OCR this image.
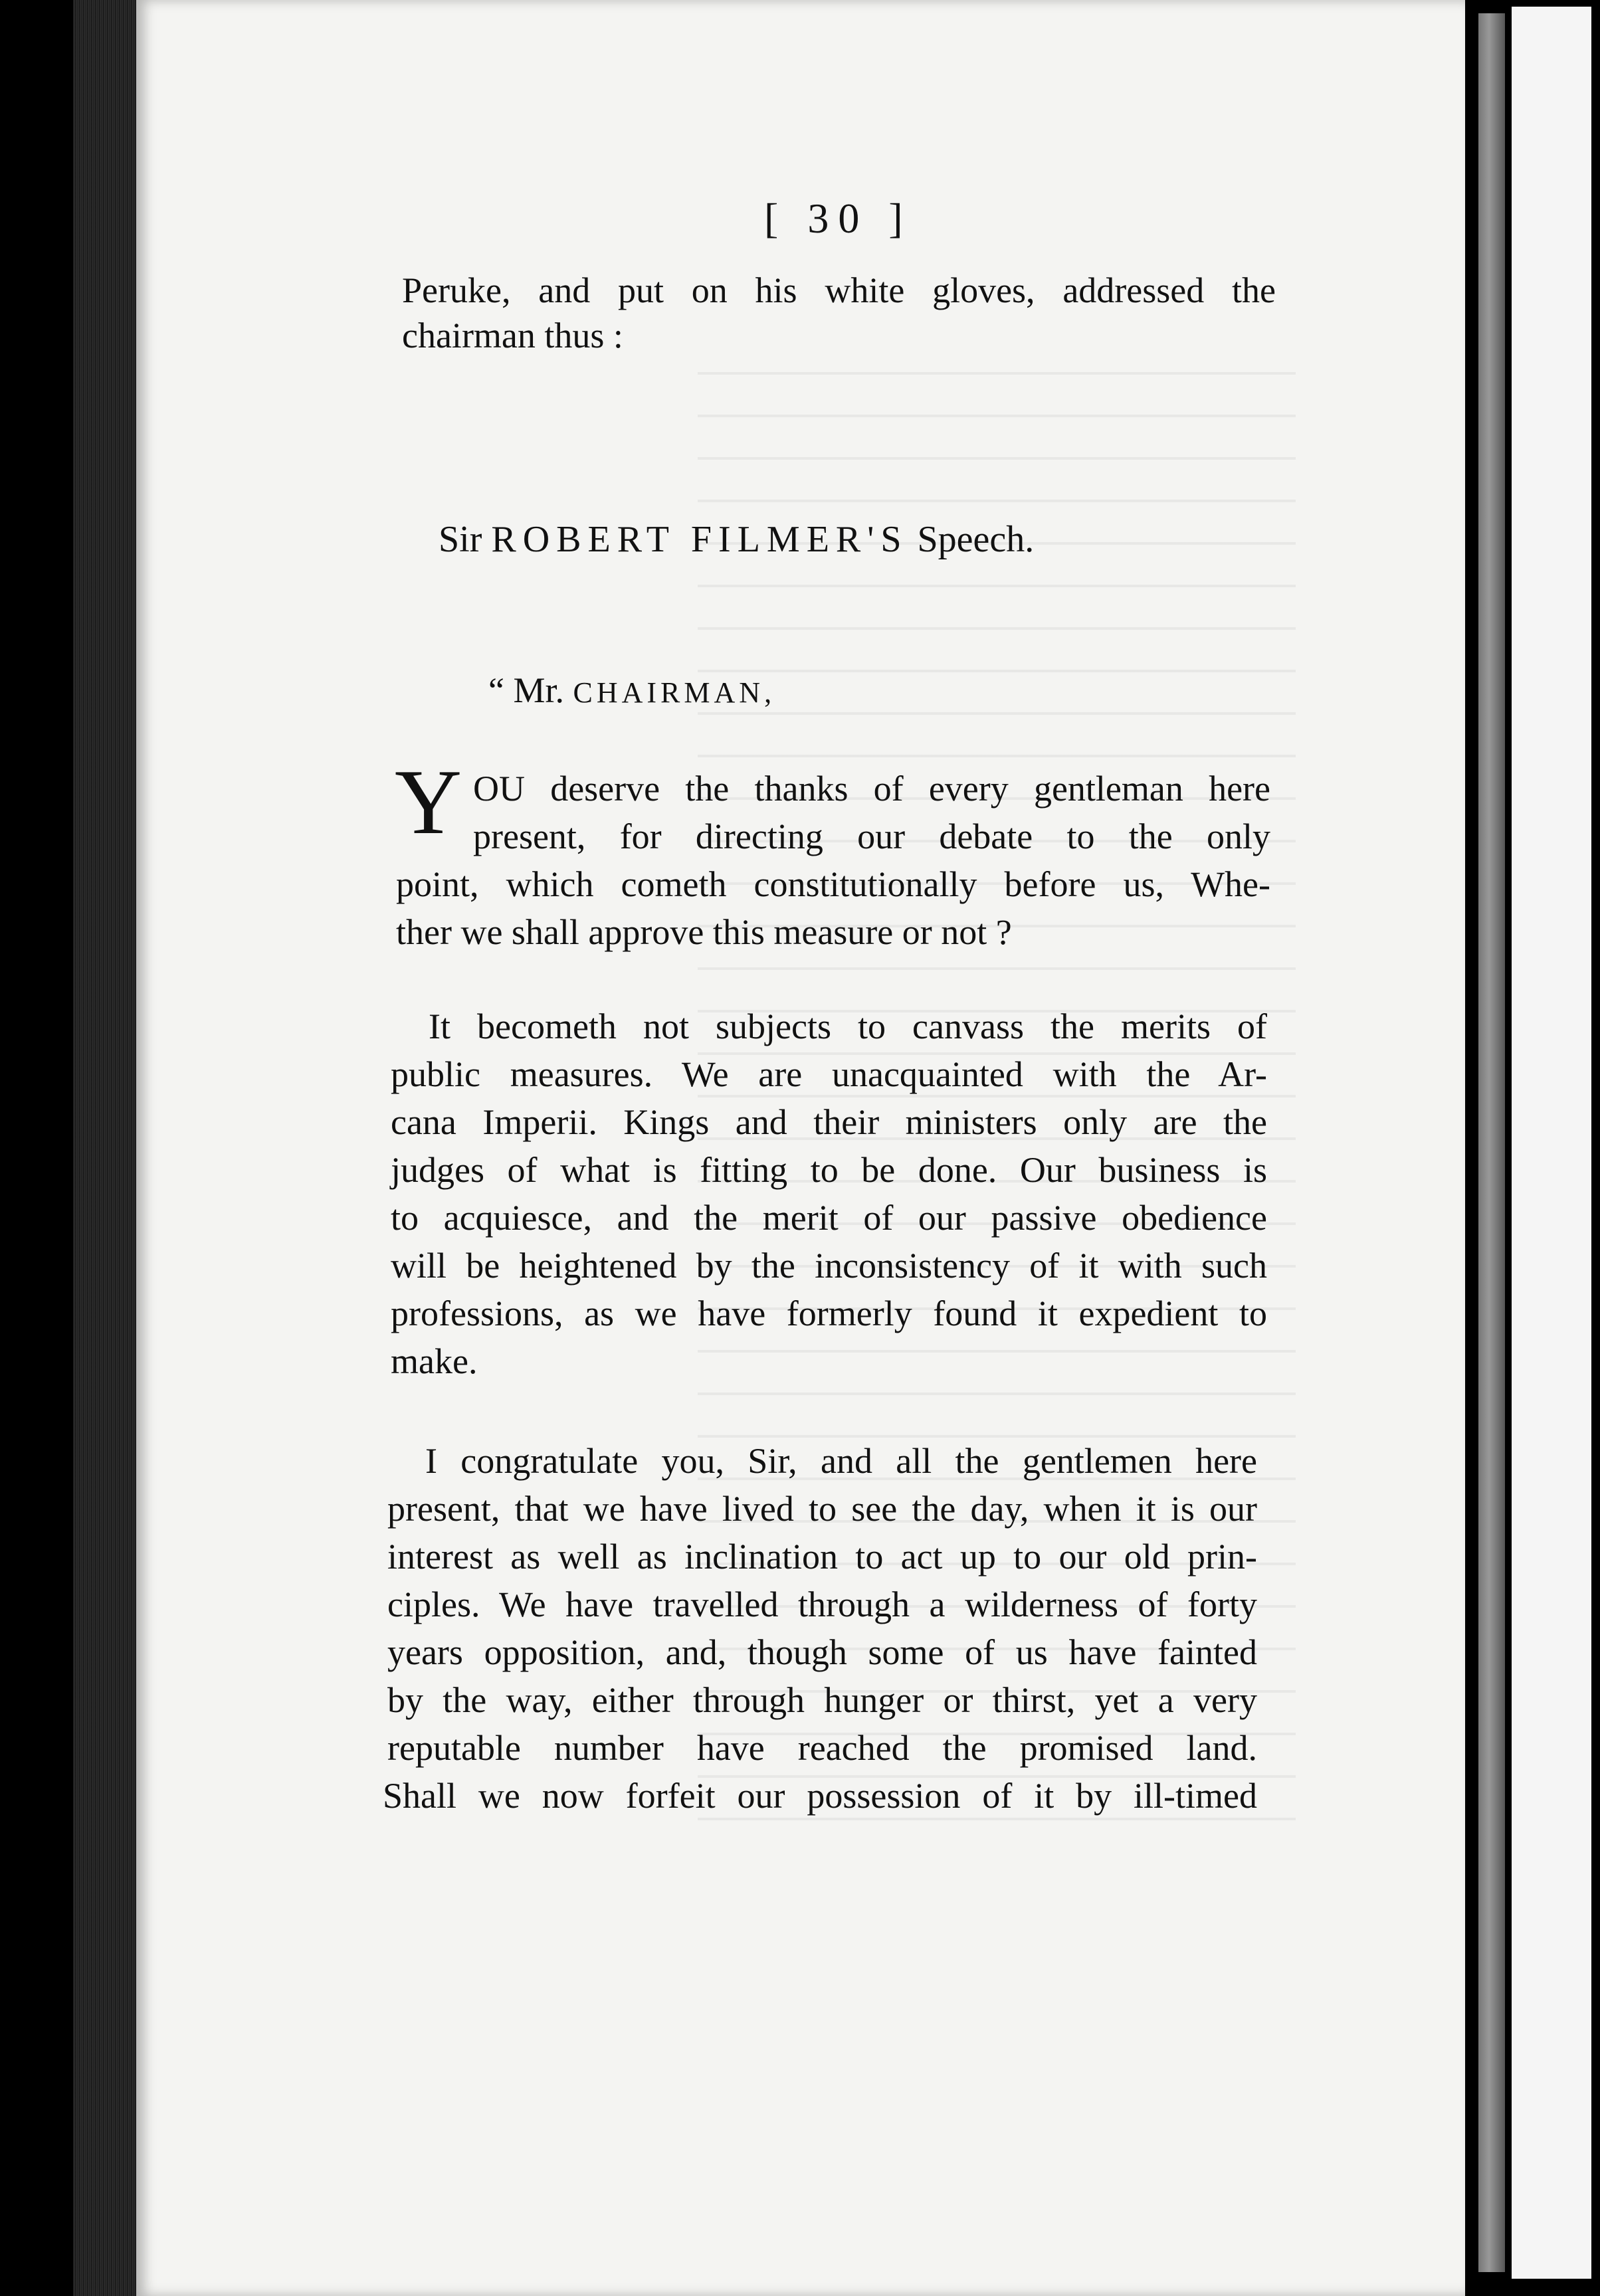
[ 30 ]
Peruke, and put on his white gloves, addressed the
chairman thus :
Sir ROBERT FILMER'S Speech.
“ Mr. CHAIRMAN,
Y OU deserve the thanks of every gentleman here
present, for directing our debate to the only
point, which cometh constitutionally before us, Whe-
ther we shall approve this measure or not ?
It becometh not subjects to canvass the merits of
public measures. We are unacquainted with the Ar-
cana Imperii. Kings and their ministers only are the
judges of what is fitting to be done. Our business is
to acquiesce, and the merit of our passive obedience
will be heightened by the inconsistency of it with such
professions, as we have formerly found it expedient to
make.
I congratulate you, Sir, and all the gentlemen here
present, that we have lived to see the day, when it is our
interest as well as inclination to act up to our old prin-
ciples. We have travelled through a wilderness of forty
years opposition, and, though some of us have fainted
by the way, either through hunger or thirst, yet a very
reputable number have reached the promised land.
Shall we now forfeit our possession of it by ill-timed
